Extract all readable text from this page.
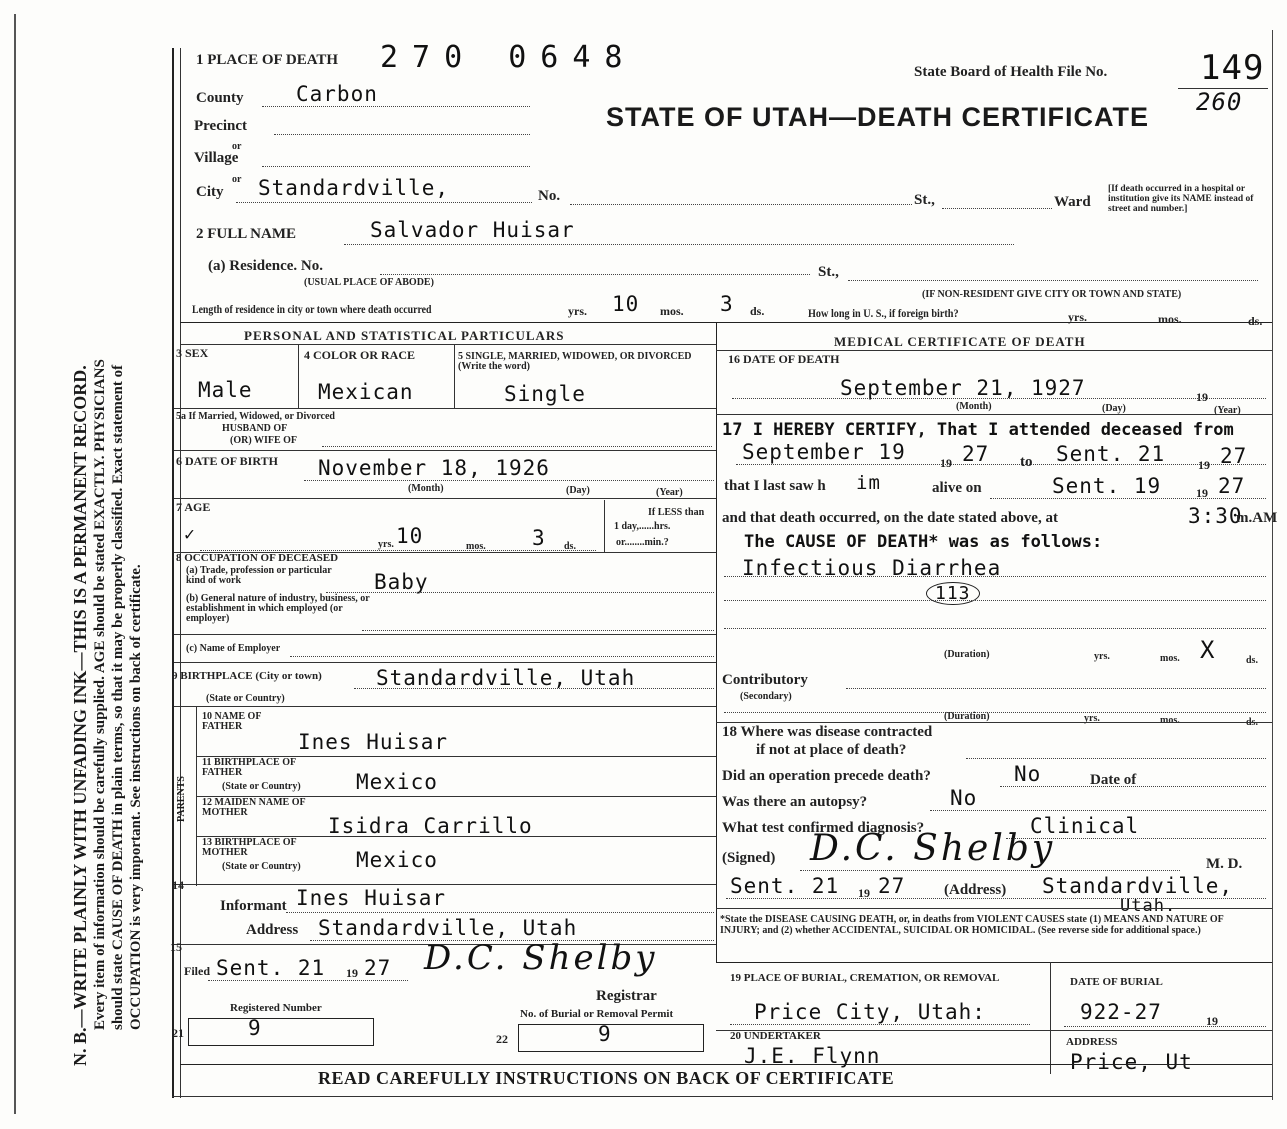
N. B.—WRITE PLAINLY WITH UNFADING INK—THIS IS A PERMANENT RECORD. Every item of information should be carefully supplied. AGE should be stated EXACTLY. PHYSICIANS should state CAUSE OF DEATH in plain terms, so that it may be properly classified. Exact statement of OCCUPATION is very important. See instructions on back of certificate.
1 PLACE OF DEATH 270 0648	State Board of Health File No.	149
260
STATE OF UTAH—DEATH CERTIFICATE
County Carbon
Precinct
or
Village
or
City Standardville,	No.	St.,	Ward
[If death occurred in a hospital or institution give its NAME instead of street and number.]
2 FULL NAME	Salvador Huisar
(a) Residence. No.
(USUAL PLACE OF ABODE)
St.,
(IF NON-RESIDENT GIVE CITY OR TOWN AND STATE)
Length of residence in city or town where death occurred	yrs. 10 mos. 3 ds.	How long in U. S., if foreign birth?	yrs.	mos.	ds.
PERSONAL AND STATISTICAL PARTICULARS
3 SEX	4 COLOR OR RACE	5 SINGLE, MARRIED, WIDOWED, OR DIVORCED (Write the word)
Male	Mexican	Single
5a If Married, Widowed, or Divorced
HUSBAND OF
(OR) WIFE OF
6 DATE OF BIRTH November 18, 1926
(Month)	(Day)	(Year)
7 AGE
✓	10
yrs.	3
mos.	ds.
If LESS than
1 day,......hrs.
or........min.?
8 OCCUPATION OF DECEASED
(a) Trade, profession or particular kind of work	Baby
(b) General nature of industry, business, or establishment in which employed (or employer)
(c) Name of Employer
9 BIRTHPLACE (City or town)	Standardville, Utah
(State or Country)
PARENTS
10 NAME OF FATHER
Ines Huisar
11 BIRTHPLACE OF FATHER
(State or Country)	Mexico
12 MAIDEN NAME OF MOTHER
Isidra Carrillo
13 BIRTHPLACE OF MOTHER
(State or Country)	Mexico
14
Informant Ines Huisar
Address Standardville, Utah
15
Filed Sent. 21 19 27 D.C. Shelby
Registrar
Registered Number
21	9
No. of Burial or Removal Permit
22	9
MEDICAL CERTIFICATE OF DEATH
16 DATE OF DEATH
September 21, 1927	19
(Month)	(Day)	(Year)
17 I HEREBY CERTIFY, That I attended deceased from
September 19	19 27 to Sent. 21	19 27
that I last saw h im	alive on	Sent. 19	19 27
and that death occurred, on the date stated above, at	3:30
m.AM
The CAUSE OF DEATH* was as follows:
Infectious Diarrhea
113
(Duration)	yrs.	mos. X	ds.
Contributory
(Secondary)
(Duration)	yrs.	mos.	ds.
18 Where was disease contracted
if not at place of death?
Did an operation precede death?	No	Date of
Was there an autopsy?	No
What test confirmed diagnosis?	Clinical
(Signed) D.C. Shelby	M. D.
Sent. 21 19 27	(Address) Standardville,
Utah.
*State the DISEASE CAUSING DEATH, or, in deaths from VIOLENT CAUSES state (1) MEANS AND NATURE OF INJURY; and (2) whether ACCIDENTAL, SUICIDAL OR HOMICIDAL. (See reverse side for additional space.)
19 PLACE OF BURIAL, CREMATION, OR REMOVAL	DATE OF BURIAL
Price City, Utah:	922-27	19
20 UNDERTAKER
J.E. Flynn
ADDRESS
Price, Ut
READ CAREFULLY INSTRUCTIONS ON BACK OF CERTIFICATE
